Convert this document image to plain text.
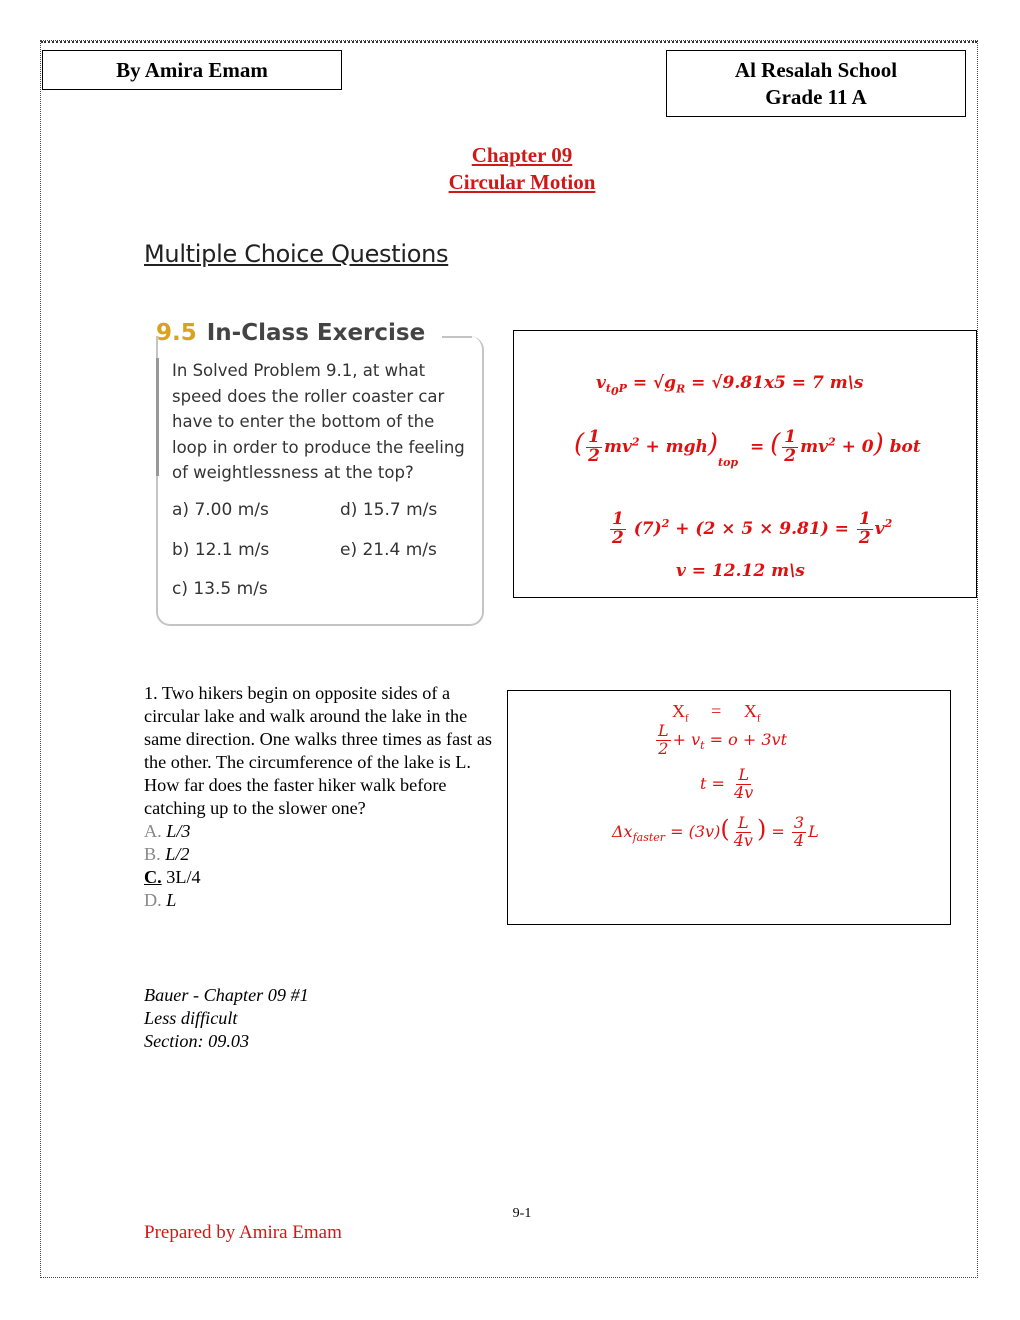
By Amira Emam	Al Resalah School
Grade 11 A
Chapter 09
Circular Motion
Multiple Choice Questions
9.5 In-Class Exercise
In Solved Problem 9.1, at what
speed does the roller coaster car
have to enter the bottom of the
loop in order to produce the feeling
of weightlessness at the top?
a) 7.00 m/s	d) 15.7 m/s
b) 12.1 m/s	e) 21.4 m/s
c) 13.5 m/s
$v_{t_0P} = √g_R = √9.81x5 = 7$ m\s
( $\frac{1}{2} mv^2 + mgh)_{top}$  = ( $\frac{1}{2} mv^2 + 0$) bot
$\frac{1}{2} (7)^2 + (2 \times 5 \times 9.81) = \frac{1}{2} v^2$
v = 12.12 m\s
1. Two hikers begin on opposite sides of a circular lake and walk around the lake in the same direction. One walks three times as fast as the other. The circumference of the lake is L. How far does the faster hiker walk before catching up to the slower one?
A. L/3
B. L/2
C. 3L/4
D. L
$X_f = X_f$
$\frac{L}{2} + v_t = o + 3vt$
$t = \frac{L}{4v}$
$\Delta x_{faster} = (3v)( \frac{L}{4v}$ ) = $\frac{3}{4}$ L
Bauer - Chapter 09 #1
Less difficult
Section: 09.03
9-1
Prepared by Amira Emam
